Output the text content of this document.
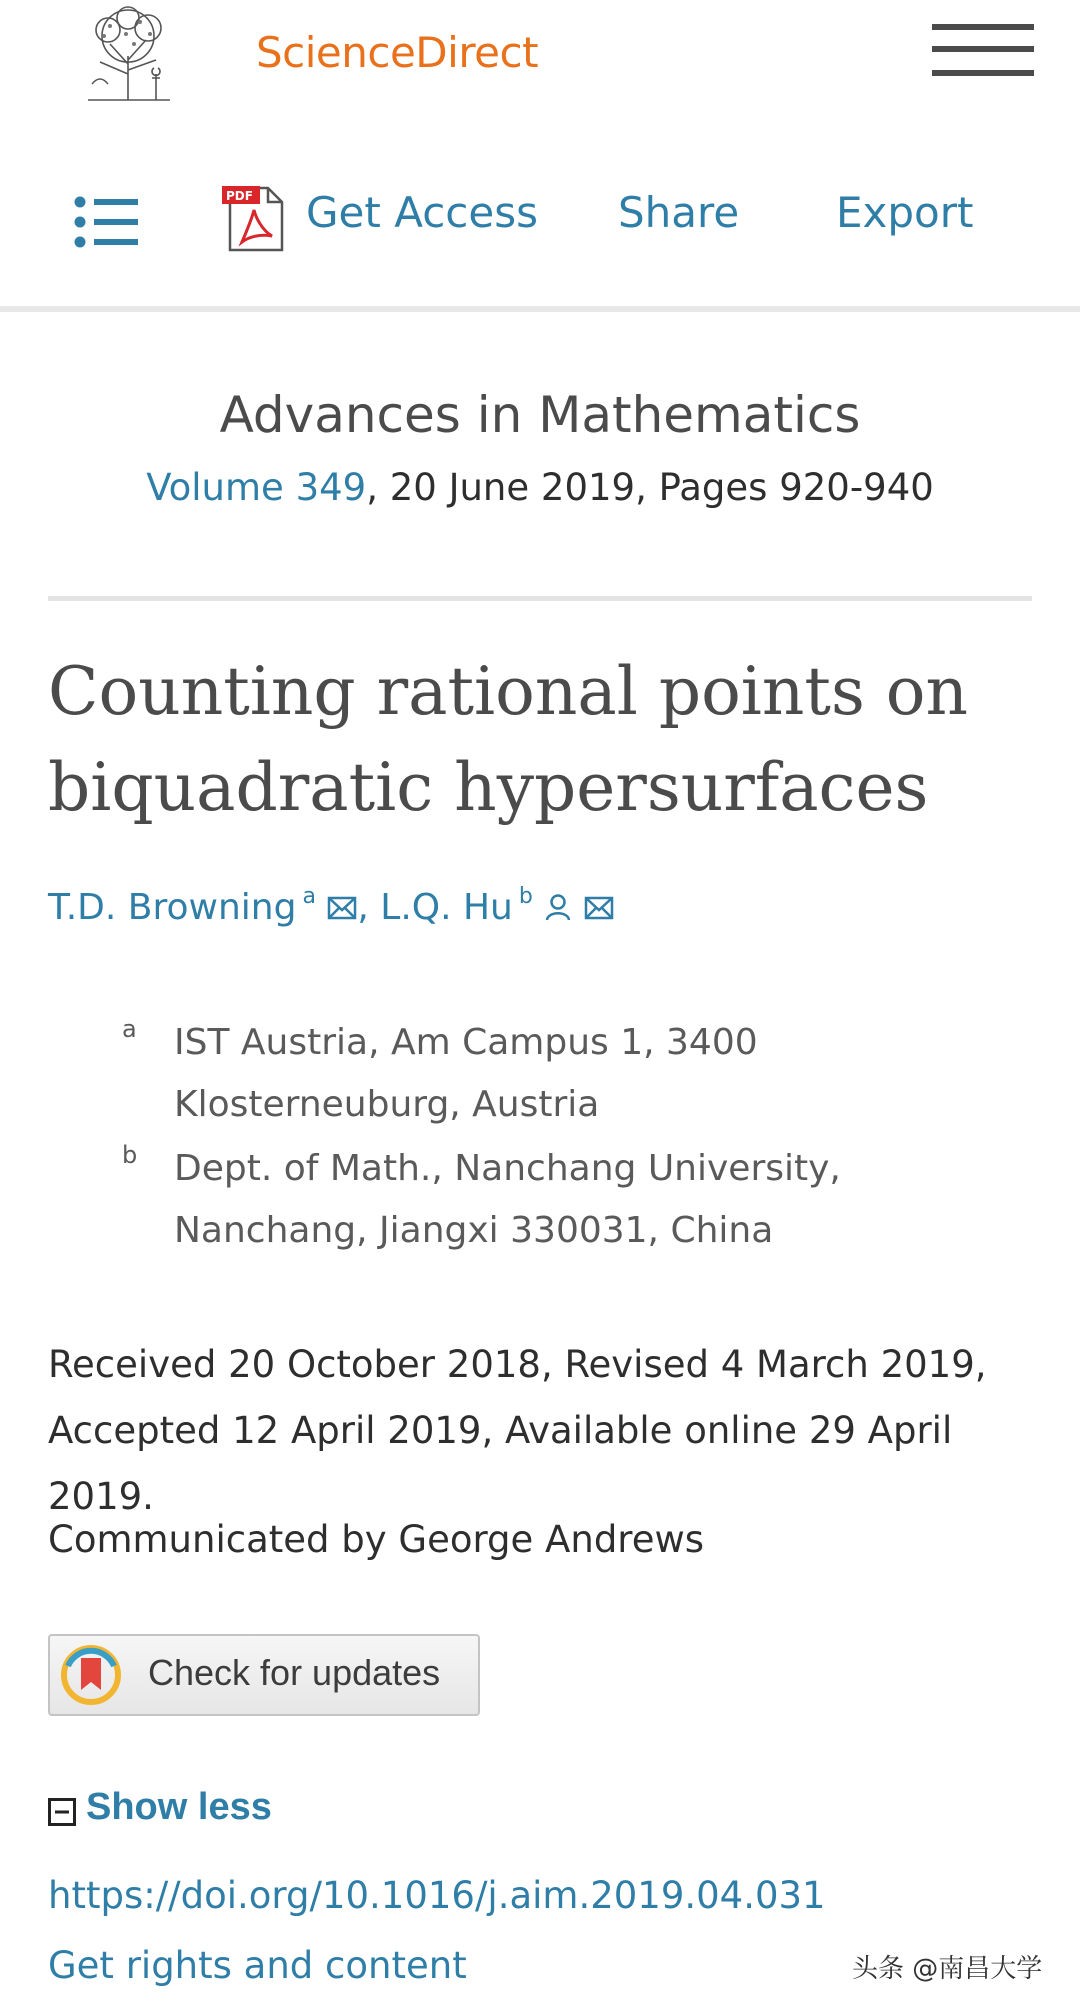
ScienceDirect
PDF Get Access Share Export
Advances in Mathematics
Volume 349, 20 June 2019, Pages 920-940
Counting rational points on biquadratic hypersurfaces
T.D. Browning $^a$ , L.Q. Hu $^b$
a IST Austria, Am Campus 1, 3400 Klosterneuburg, Austria
b Dept. of Math., Nanchang University, Nanchang, Jiangxi 330031, China
Received 20 October 2018, Revised 4 March 2019,
Accepted 12 April 2019, Available online 29 April 2019.
Communicated by George Andrews
Check for updates
Show less
https://doi.org/10.1016/j.aim.2019.04.031
Get rights and content	头条 @南昌大学
